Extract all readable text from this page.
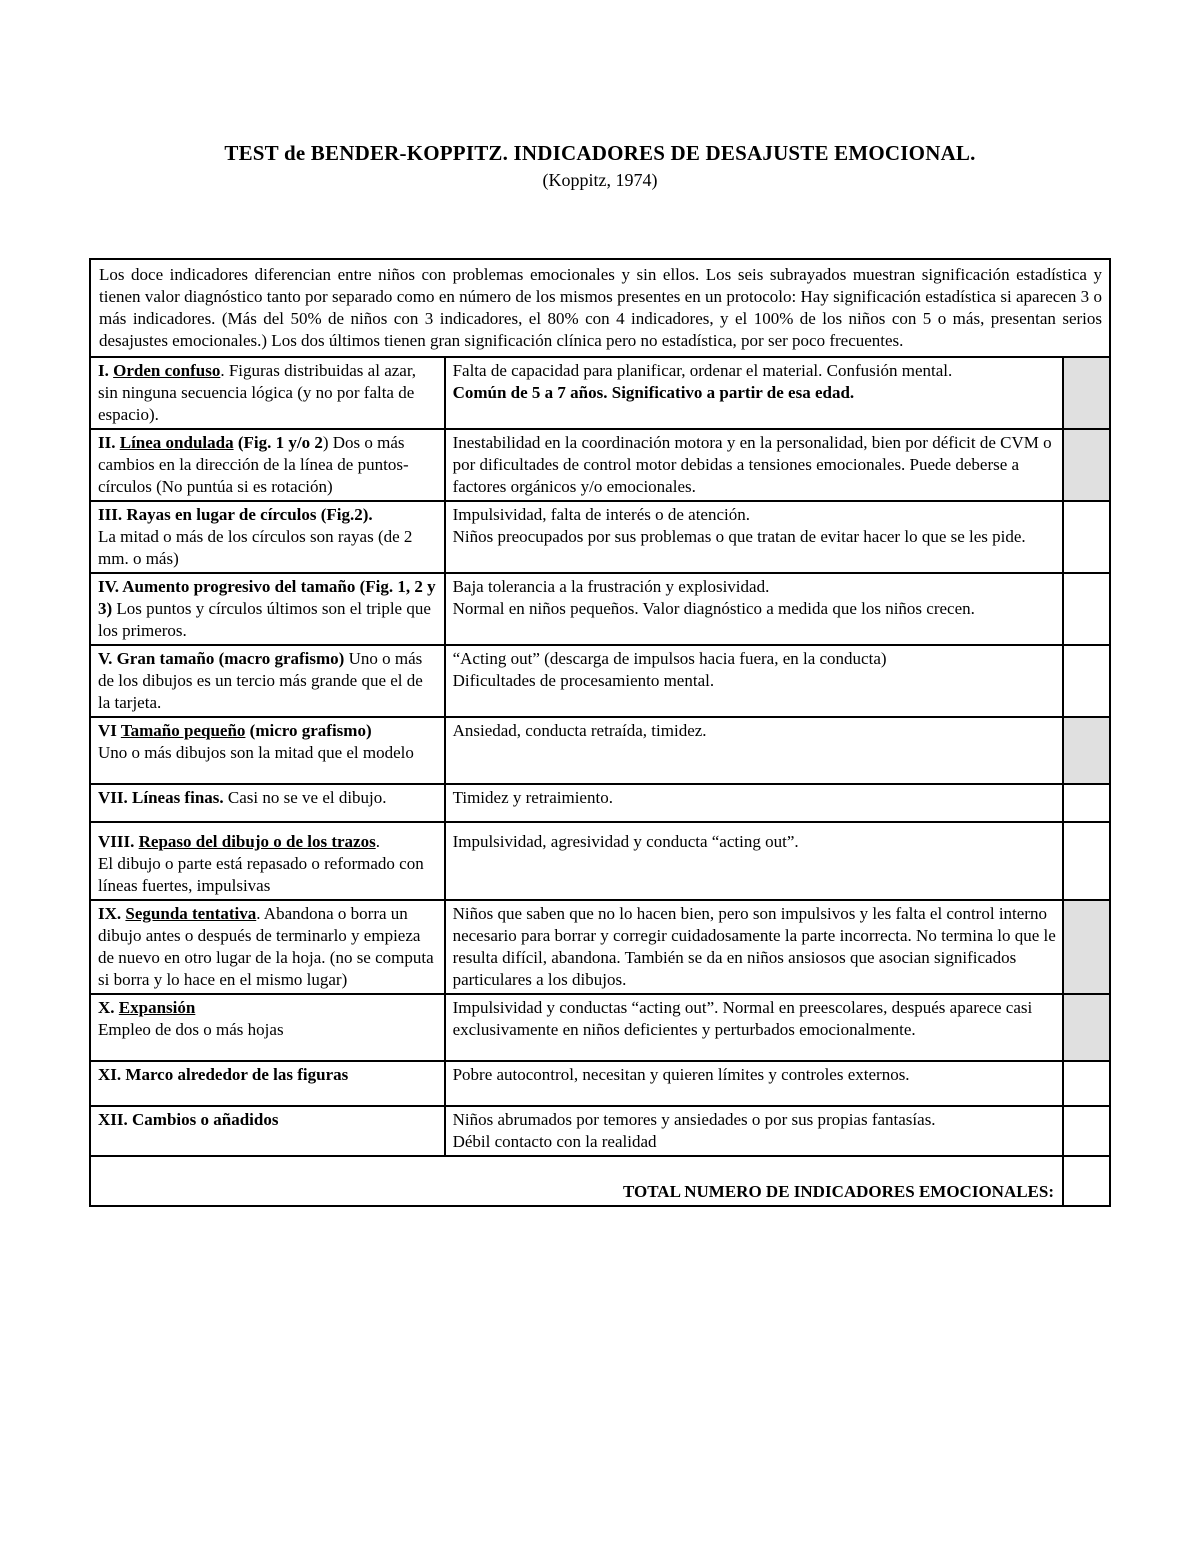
TEST de BENDER-KOPPITZ. INDICADORES DE DESAJUSTE EMOCIONAL.
(Koppitz, 1974)
Los doce indicadores diferencian entre niños con problemas emocionales y sin ellos. Los seis subrayados muestran significación estadística y tienen valor diagnóstico tanto por separado como en número de los mismos presentes en un protocolo: Hay significación estadística si aparecen 3 o más indicadores. (Más del 50% de niños con 3 indicadores, el 80% con 4 indicadores, y el 100% de los niños con 5 o más, presentan serios desajustes emocionales.) Los dos últimos tienen gran significación clínica pero no estadística, por ser poco frecuentes.		
I. Orden confuso. Figuras distribuidas al azar, sin ninguna secuencia lógica (y no por falta de espacio).	Falta de capacidad para planificar, ordenar el material. Confusión mental.
Común de 5 a 7 años. Significativo a partir de esa edad.	
II. Línea ondulada (Fig. 1 y/o 2) Dos o más cambios en la dirección de la línea de puntos-círculos (No puntúa si es rotación)	Inestabilidad en la coordinación motora y en la personalidad, bien por déficit de CVM o por dificultades de control motor debidas a tensiones emocionales. Puede deberse a factores orgánicos y/o emocionales.	
III. Rayas en lugar de círculos (Fig.2).
La mitad o más de los círculos son rayas (de 2 mm. o más)	Impulsividad, falta de interés o de atención.
Niños preocupados por sus problemas o que tratan de evitar hacer lo que se les pide.	
IV. Aumento progresivo del tamaño (Fig. 1, 2 y 3) Los puntos y círculos últimos son el triple que los primeros.	Baja tolerancia a la frustración y explosividad.
Normal en niños pequeños. Valor diagnóstico a medida que los niños crecen.	
V. Gran tamaño (macro grafismo) Uno o más de los dibujos es un tercio más grande que el de la tarjeta.	“Acting out” (descarga de impulsos hacia fuera, en la conducta)
Dificultades de procesamiento mental.	
VI Tamaño pequeño (micro grafismo)
Uno o más dibujos son la mitad que el modelo	Ansiedad, conducta retraída, timidez.	
VII. Líneas finas. Casi no se ve el dibujo.	Timidez y retraimiento.	
VIII. Repaso del dibujo o de los trazos.
El dibujo o parte está repasado o reformado con líneas fuertes, impulsivas	Impulsividad, agresividad y conducta “acting out”.	
IX. Segunda tentativa. Abandona o borra un dibujo antes o después de terminarlo y empieza de nuevo en otro lugar de la hoja. (no se computa si borra y lo hace en el mismo lugar)	Niños que saben que no lo hacen bien, pero son impulsivos y les falta el control interno necesario para borrar y corregir cuidadosamente la parte incorrecta. No termina lo que le resulta difícil, abandona. También se da en niños ansiosos que asocian significados particulares a los dibujos.	
X. Expansión
Empleo de dos o más hojas	Impulsividad y conductas “acting out”. Normal en preescolares, después aparece casi exclusivamente en niños deficientes y perturbados emocionalmente.	
XI. Marco alrededor de las figuras	Pobre autocontrol, necesitan y quieren límites y controles externos.	
XII. Cambios o añadidos	Niños abrumados por temores y ansiedades o por sus propias fantasías.
Débil contacto con la realidad	
TOTAL NUMERO DE INDICADORES EMOCIONALES:		
